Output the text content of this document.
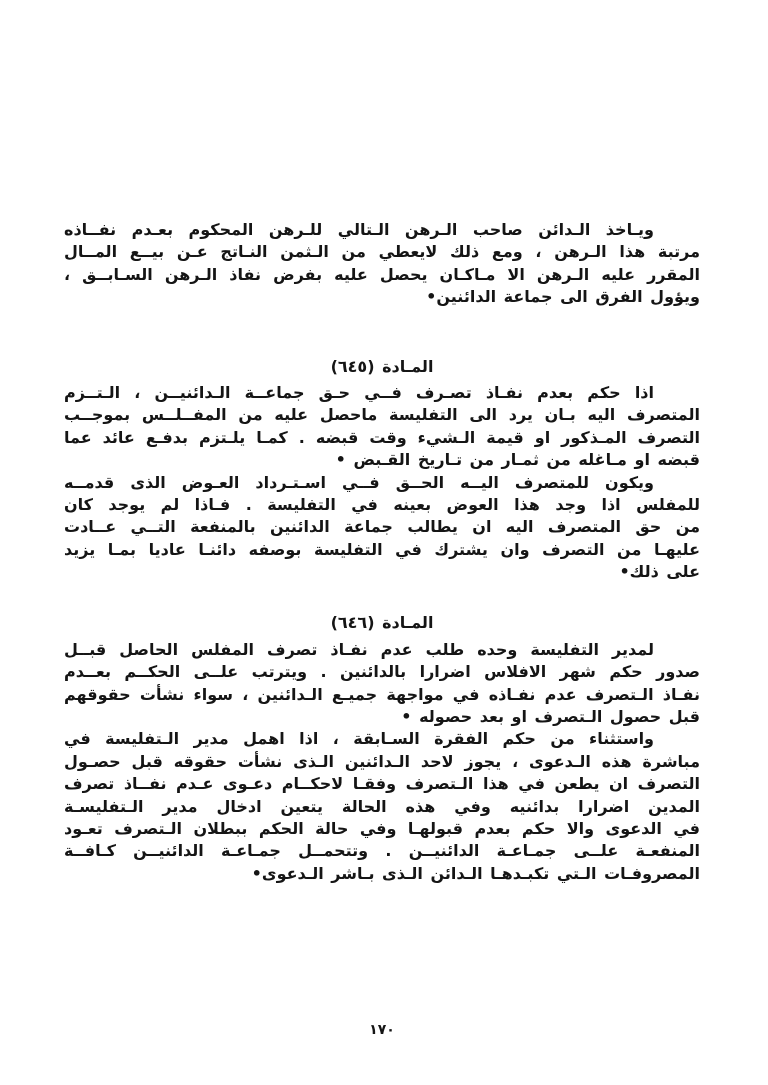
ويـاخذ الـدائن صاحب الـرهن الـتالي للـرهن المحكوم بعـدم نفــاذه
مرتبة هذا الـرهن ، ومع ذلك لايعطي من الـثمن النـاتج عـن بيــع المــال
المقرر عليه الـرهن الا مـاكـان يحصل عليه بفرض نفاذ الـرهن السـابــق ،
ويؤول الفرق الى جماعة الدائنين•
المـادة (٦٤٥)
اذا حكم بعدم نفـاذ تصـرف فــي حـق جماعــة الـدائنيــن ، الـتــزم
المتصرف اليه بـان يرد الى التفليسة ماحصل عليه من المفــلــس بموجــب
التصرف المـذكور او قيمة الـشيء وقت قبضه . كمـا يلـتزم بدفـع عائد عما
قبضه او مـاغله من ثمـار من تـاريخ القـبض •
ويكون للمتصرف اليــه الحــق فــي اسـتـرداد العـوض الذى قدمــه
للمفلس اذا وجد هذا العوض بعينه في التفليسة . فـاذا لم يوجد كان
من حق المتصرف اليه ان يطالب جماعة الدائنين بالمنفعة التــي عــادت
عليهـا من التصرف وان يشترك في التفليسة بوصفه دائنـا عاديا بمـا يزيد
على ذلك•
المـادة (٦٤٦)
لمدير التفليسة وحده طلب عدم نفـاذ تصرف المفلس الحاصل قبــل
صدور حكم شهر الافلاس اضرارا بالدائنين . ويترتب علــى الحكــم بعــدم
نفـاذ الـتصرف عدم نفـاذه في مواجهة جميـع الـدائنين ، سواء نشأت حقوقهم
قبل حصول الـتصرف او بعد حصوله •
واستثناء من حكم الفقرة السـابقة ، اذا اهمل مدير الـتفليسة في
مباشرة هذه الـدعوى ، يجوز لاحد الـدائنين الـذى نشأت حقوقه قبل حصـول
التصرف ان يطعن في هذا الـتصرف وفقـا لاحكــام دعـوى عـدم نفــاذ تصرف
المدين اضرارا بدائنيه وفي هذه الحالة يتعين ادخال مدير الـتفليسـة
في الدعوى والا حكم بعدم قبولهـا وفي حالة الحكم ببطلان الـتصرف تعـود
المنفعـة علــى جمـاعـة الدائنيــن . وتتحمــل جمـاعـة الدائنيــن كـافــة
المصروفـات الـتي تكبـدهـا الـدائن الـذى بـاشر الـدعوى•
١٧٠
